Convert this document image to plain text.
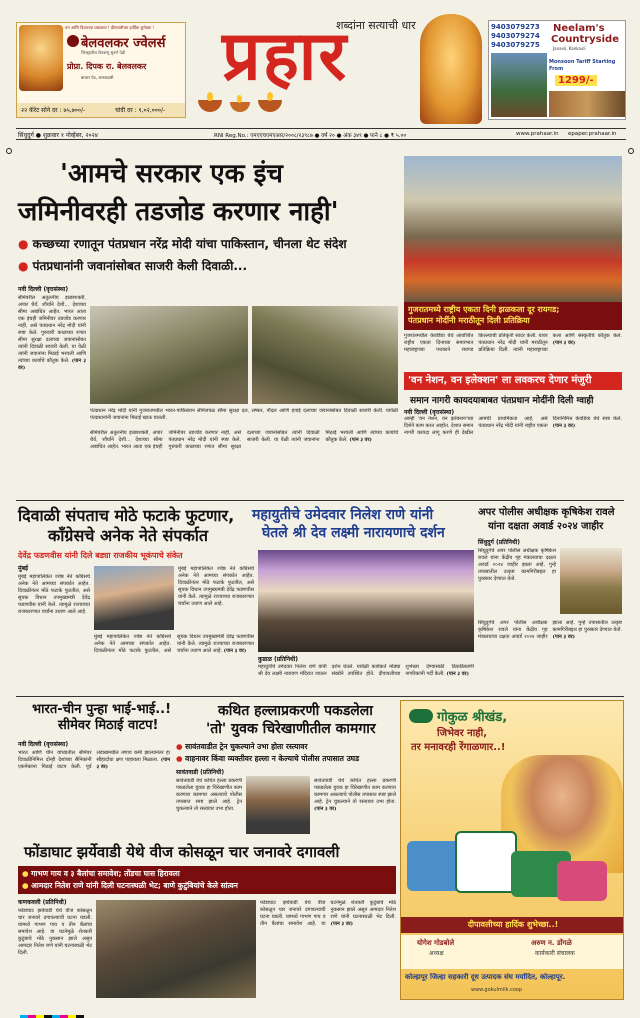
धन आणि दिव्याच्या प्रकाशात ! दीपावलीच्या हार्दिक शुभेच्छा !
बेलवलकर ज्वेलर्स
जिल्ह्यातील विश्वासू सुवर्ण पेढी
प्रोप्रा. दिपक रा. बेलवलकर
बाजार पेठ, कणकवली
२२ कॅरेट सोने दर : ७५,७००/-	चांदी दर : १,०२,०००/-
शब्दांना सत्याची धार
प्रहार	9403079273
9403079274
9403079275
Neelam's
Countryside
Janavli, Kankavli
Monsoon Tariff Starting From
1299/-
सिंधुदुर्ग ● शुक्रवार १ नोव्हेंबर, २०२४	RNI Reg.No.: एमएएचएमएआर/२००८/२३९८७ ● वर्ष २० ● अंक ३४९ ● पाने ८ ● ₹ ५.००	www.prahaar.in epaper.prahaar.in
'आमचे सरकार एक इंच
जमिनीवरही तडजोड करणार नाही'
● कच्छच्या रणातून पंतप्रधान नरेंद्र मोदी यांचा पाकिस्तान, चीनला थेट संदेश
● पंतप्रधानांनी जवानांसोबत साजरी केली दिवाळी...
नवी दिल्ली (वृत्तसंस्था)
सीमेवरील अतुलनीय इच्छाशक्ती, अपार धैर्य, शौर्याने देशी... देशाच्या सीमा अबाधित आहेत. भारत आता एक इंचही जमिनीवर तडजोड करणार नाही, असे पंतप्रधान नरेंद्र मोदी यांनी स्पष्ट केले. गुरुवारी कच्छच्या रणात सीमा सुरक्षा दलाच्या जवानांसोबत त्यांनी दिवाळी साजरी केली. या वेळी त्यांनी जवानांना मिठाई भरवली आणि त्यांच्या कार्याचे कौतुक केले. (पान ३ वर)
पंतप्रधान नरेंद्र मोदी यांनी गुजरातमधील भारत-पाकिस्तान सीमेजवळ सीमा सुरक्षा दल, लष्कर, नौदल आणि हवाई दलाच्या जवानांसोबत दिवाळी साजरी केली. यावेळी पंतप्रधानांनी जवानांना मिठाई खाऊ घातली.
सीमेवरील अतुलनीय इच्छाशक्ती, अपार धैर्य, शौर्याने देशी... देशाच्या सीमा अबाधित आहेत. भारत आता एक इंचही जमिनीवर तडजोड करणार नाही, असे पंतप्रधान नरेंद्र मोदी यांनी स्पष्ट केले. गुरुवारी कच्छच्या रणात सीमा सुरक्षा दलाच्या जवानांसोबत त्यांनी दिवाळी साजरी केली. या वेळी त्यांनी जवानांना मिठाई भरवली आणि त्यांच्या कार्याचे कौतुक केले. (पान ३ वर)
गुजरातमध्ये राष्ट्रीय एकता दिनी झळकला दूर रायगड;
पंतप्रधान मोदींनी मराठीतून दिली प्रतिक्रिया
गुजरातमधील केवडिया येथे आयोजित राष्ट्रीय एकता दिनाच्या समारंभात महाराष्ट्राच्या पथकाने रायगड किल्ल्याची प्रतिकृती सादर केली. यावर पंतप्रधान नरेंद्र मोदी यांनी मराठीतून प्रतिक्रिया दिली. त्यांनी महाराष्ट्राच्या कला आणि संस्कृतीचे कौतुक केले. (पान ३ वर)
'वन नेशन, वन इलेक्शन' ला लवकरच देणार मंजुरी
समान नागरी कायदयाबाबत पंतप्रधान मोदींनी दिली ग्वाही
नवी दिल्ली (वृत्तसंस्था)
आम्ही 'वन नेशन, वन इलेक्शन'च्या दिशेने काम करत आहोत. देशात समान नागरी कायदा लागू करणे ही देखील आमची प्राथमिकता आहे, असे पंतप्रधान नरेंद्र मोदी यांनी राष्ट्रीय एकता दिनानिमित्त केवडिया येथे स्पष्ट केले. (पान ३ वर)
दिवाळी संपताच मोठे फटाके फुटणार,
काँग्रेसचे अनेक नेते संपर्कात
देवेंद्र फडणवीस यांनी दिले बड्या राजकीय भूकंपाचे संकेत
मुंबई
मुंबई महापालिकेत ज्येष्ठ नेते काँग्रेसचे अनेक नेते आमच्या संपर्कात आहेत. दिवाळीनंतर मोठे फटाके फुटतील, असे सूचक विधान उपमुख्यमंत्री देवेंद्र फडणवीस यांनी केले. त्यामुळे राज्याच्या राजकारणात चर्चांना उधाण आले आहे.
मुंबई महापालिकेत ज्येष्ठ नेते काँग्रेसचे अनेक नेते आमच्या संपर्कात आहेत. दिवाळीनंतर मोठे फटाके फुटतील, असे सूचक विधान उपमुख्यमंत्री देवेंद्र फडणवीस यांनी केले. त्यामुळे राज्याच्या राजकारणात चर्चांना उधाण आले आहे. (पान ३ वर)
मुंबई महापालिकेत ज्येष्ठ नेते काँग्रेसचे अनेक नेते आमच्या संपर्कात आहेत. दिवाळीनंतर मोठे फटाके फुटतील, असे सूचक विधान उपमुख्यमंत्री देवेंद्र फडणवीस यांनी केले. त्यामुळे राज्याच्या राजकारणात चर्चांना उधाण आले आहे.
महायुतीचे उमेदवार निलेश राणे यांनी
घेतले श्री देव लक्ष्मी नारायणाचे दर्शन
कुडाळ (प्रतिनिधी)
महायुतीचे उमेदवार निलेश राणे यांनी श्री देव लक्ष्मी नारायण मंदिरात जाऊन दर्शन घेतले. यावेळी कार्यकर्ते मोठ्या संख्येने उपस्थित होते. दीपावलीच्या शुभेच्छा देण्यासाठी ठिकठिकाणी नागरिकांनी गर्दी केली. (पान ३ वर)
अपर पोलीस अधीक्षक कृषिकेश रावले
यांना दक्षता अवार्ड २०२४ जाहीर
सिंधुदुर्ग (प्रतिनिधी)
सिंधुदुर्गचे अपर पोलीस अधीक्षक कृषिकेश रावले यांना केंद्रीय गृह मंत्रालयाचा दक्षता अवार्ड २०२४ जाहीर झाला आहे. गुन्हे तपासातील उत्कृष्ट कामगिरीबद्दल हा पुरस्कार देण्यात येतो.
सिंधुदुर्गचे अपर पोलीस अधीक्षक कृषिकेश रावले यांना केंद्रीय गृह मंत्रालयाचा दक्षता अवार्ड २०२४ जाहीर झाला आहे. गुन्हे तपासातील उत्कृष्ट कामगिरीबद्दल हा पुरस्कार देण्यात येतो. (पान ३ वर)
भारत-चीन पुन्हा भाई-भाई..!
सीमेवर मिठाई वाटप!
नवी दिल्ली (वृत्तसंस्था)
भारत आणि चीन यांच्यातील सीमेवर दिवाळीनिमित्त दोन्ही देशांच्या सैनिकांनी एकमेकांना मिठाई वाटप केली. पूर्व लडाखमधील तणाव कमी झाल्यानंतर हा सौहार्दाचा क्षण पाहायला मिळाला. (पान ३ वर)
कथित हल्लाप्रकरणी पकडलेला
'तो' युवक चिरेखाणीतील कामगार
● सावंतवाडीत ट्रेन चुकल्याने उभा होता रस्त्यावर
● वाहनावर किंवा व्यक्तीवर हल्ला न केल्याचे पोलीस तपासात उघड
सावंतवाडी (प्रतिनिधी)
सावंतवाडी येथे कथित हल्ला प्रकरणी पकडलेला युवक हा चिरेखाणीत काम करणारा कामगार असल्याचे पोलीस तपासात स्पष्ट झाले आहे. ट्रेन चुकल्याने तो रस्त्यावर उभा होता.
सावंतवाडी येथे कथित हल्ला प्रकरणी पकडलेला युवक हा चिरेखाणीत काम करणारा कामगार असल्याचे पोलीस तपासात स्पष्ट झाले आहे. ट्रेन चुकल्याने तो रस्त्यावर उभा होता. (पान ३ वर)
गोकुळ श्रीखंड,
जिभेवर नाही,
तर मनावरही रेंगाळणार..!
दीपावलीच्या हार्दिक शुभेच्छा..!
योगेश गोडबोले
अध्यक्ष
अरुण न. डोंगळे
कार्यकारी संचालक
कोल्हापूर जिल्हा सहकारी दूध उत्पादक संघ मर्यादित, कोल्हापूर.
www.gokulmilk.coop
फोंडाघाट झर्येवाडी येथे वीज कोसळून चार जनावरे दगावली
● गाभण गाय व ३ बैलांचा समावेश; तोंडचा घास हिरावला
● आमदार नितेश राणे यांनी दिली घटनास्थळी भेट; बाणे कुटुंबियांचे केले सांत्वन
कणकवली (प्रतिनिधी)
फोंडाघाट झर्येवाडी येथे वीज कोसळून चार जनावरे दगावल्याची घटना घडली. यामध्ये गाभण गाय व तीन बैलांचा समावेश आहे. या घटनेमुळे शेतकरी कुटुंबाचे मोठे नुकसान झाले असून आमदार नितेश राणे यांनी घटनास्थळी भेट दिली.
फोंडाघाट झर्येवाडी येथे वीज कोसळून चार जनावरे दगावल्याची घटना घडली. यामध्ये गाभण गाय व तीन बैलांचा समावेश आहे. या घटनेमुळे शेतकरी कुटुंबाचे मोठे नुकसान झाले असून आमदार नितेश राणे यांनी घटनास्थळी भेट दिली. (पान ३ वर)
